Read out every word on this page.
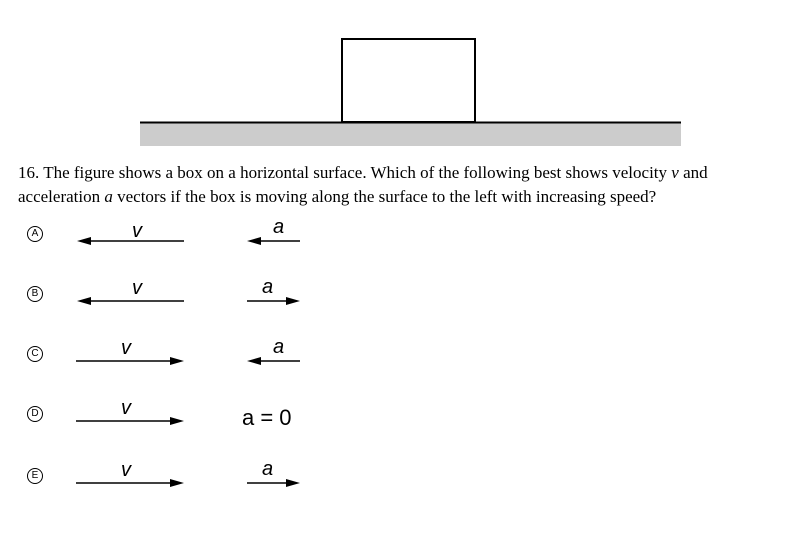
16. The figure shows a box on a horizontal surface. Which of the following best shows velocity v and acceleration a vectors if the box is moving along the surface to the left with increasing speed?

A	v	a
B	v	a
C	v	a
D	v	a = 0
E	v	a
